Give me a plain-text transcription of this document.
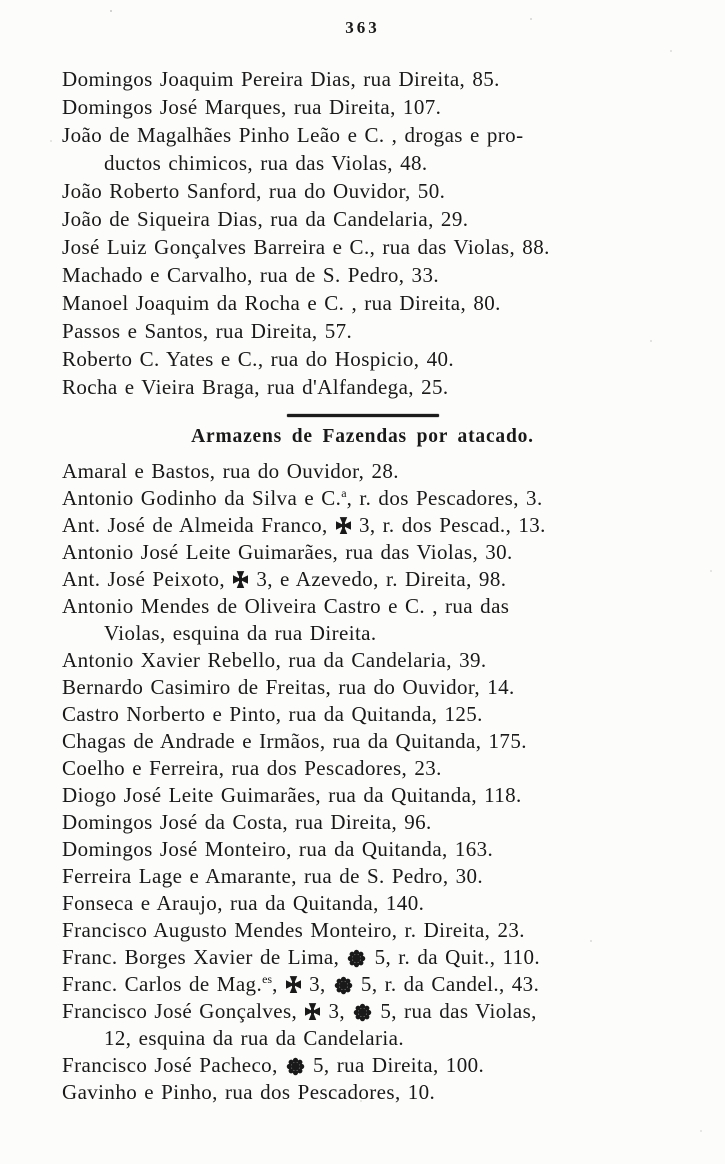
363

Domingos Joaquim Pereira Dias, rua Direita, 85.

Domingos José Marques, rua Direita, 107.

João de Magalhães Pinho Leão e C. , drogas e pro-
ductos chimicos, rua das Violas, 48.

João Roberto Sanford, rua do Ouvidor, 50.

João de Siqueira Dias, rua da Candelaria, 29.

José Luiz Gonçalves Barreira e C., rua das Violas, 88.

Machado e Carvalho, rua de S. Pedro, 33.

Manoel Joaquim da Rocha e C. , rua Direita, 80.

Passos e Santos, rua Direita, 57.

Roberto C. Yates e C., rua do Hospicio, 40.

Rocha e Vieira Braga, rua d'Alfandega, 25.

Armazens de Fazendas por atacado.

Amaral e Bastos, rua do Ouvidor, 28.

Antonio Godinho da Silva e C.$^a$, r. dos Pescadores, 3.

Ant. José de Almeida Franco,  3, r. dos Pescad., 13.

Antonio José Leite Guimarães, rua das Violas, 30.

Ant. José Peixoto,  3, e Azevedo, r. Direita, 98.

Antonio Mendes de Oliveira Castro e C. , rua das
Violas, esquina da rua Direita.

Antonio Xavier Rebello, rua da Candelaria, 39.

Bernardo Casimiro de Freitas, rua do Ouvidor, 14.

Castro Norberto e Pinto, rua da Quitanda, 125.

Chagas de Andrade e Irmãos, rua da Quitanda, 175.

Coelho e Ferreira, rua dos Pescadores, 23.

Diogo José Leite Guimarães, rua da Quitanda, 118.

Domingos José da Costa, rua Direita, 96.

Domingos José Monteiro, rua da Quitanda, 163.

Ferreira Lage e Amarante, rua de S. Pedro, 30.

Fonseca e Araujo, rua da Quitanda, 140.

Francisco Augusto Mendes Monteiro, r. Direita, 23.

Franc. Borges Xavier de Lima,  5, r. da Quit., 110.

Franc. Carlos de Mag.$^{es}$,  3,  5, r. da Candel., 43.

Francisco José Gonçalves,  3,  5, rua das Violas,
12, esquina da rua da Candelaria.

Francisco José Pacheco,  5, rua Direita, 100.

Gavinho e Pinho, rua dos Pescadores, 10.
